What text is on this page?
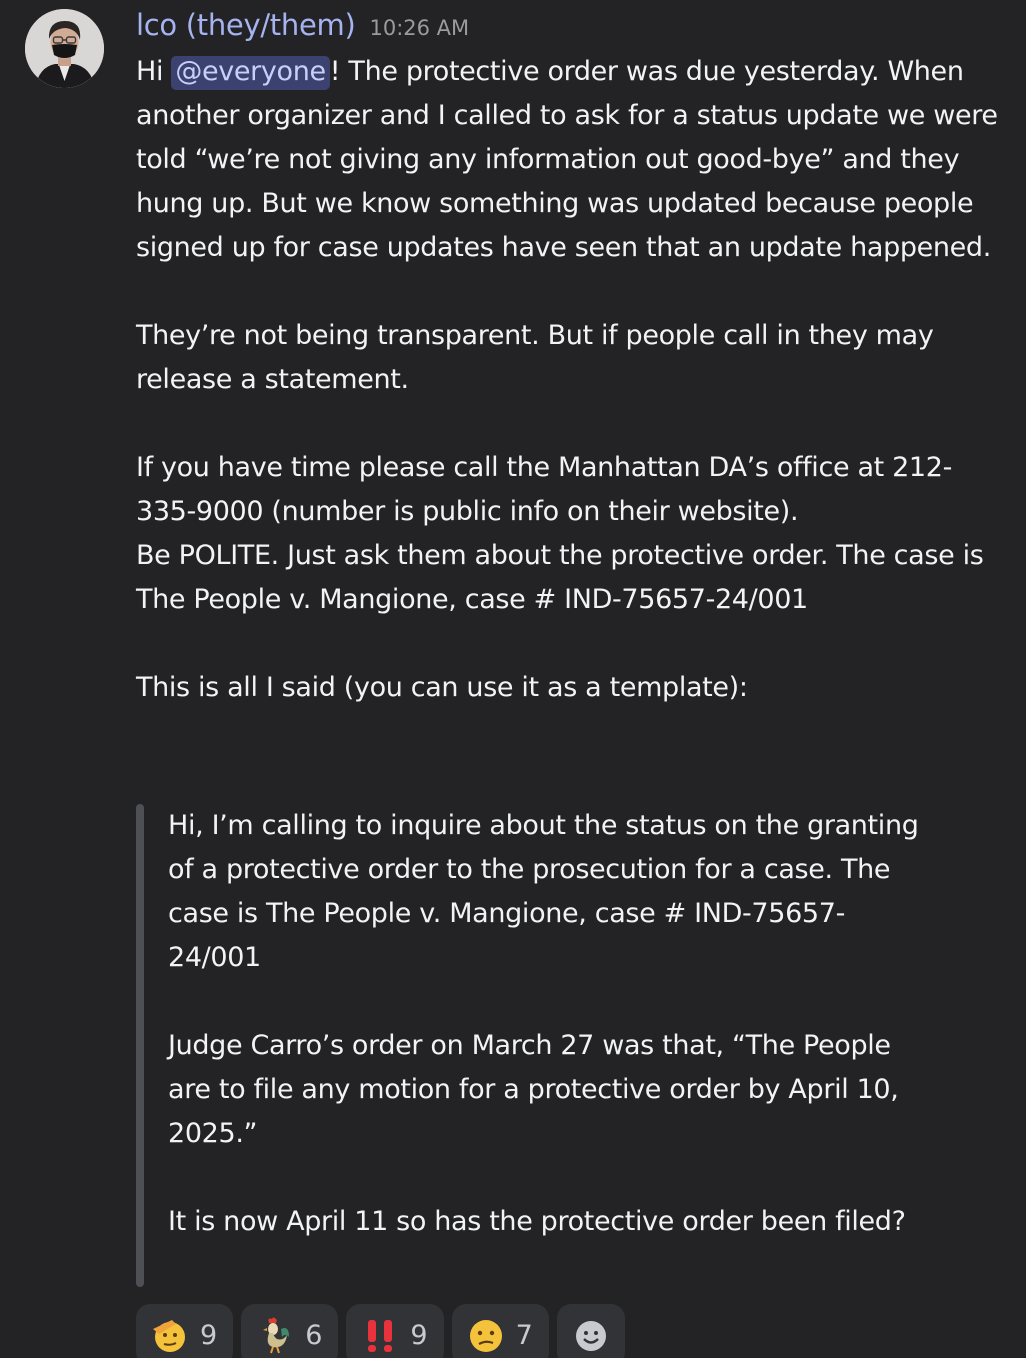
lco (they/them) 10:26 AM

Hi @everyone ! The protective order was due yesterday. When another organizer and I called to ask for a status update we were told “we’re not giving any information out good-bye” and they hung up. But we know something was updated because people signed up for case updates have seen that an update happened.

They’re not being transparent. But if people call in they may release a statement.

If you have time please call the Manhattan DA’s office at 212-335-9000 (number is public info on their website).

Be POLITE. Just ask them about the protective order. The case is The People v. Mangione, case # IND-75657-24/001

This is all I said (you can use it as a template):

Hi, I’m calling to inquire about the status on the granting of a protective order to the prosecution for a case. The case is The People v. Mangione, case # IND-75657-24/001

Judge Carro’s order on March 27 was that, “The People are to file any motion for a protective order by April 10, 2025.”

It is now April 11 so has the protective order been filed?

9	6	9	7
